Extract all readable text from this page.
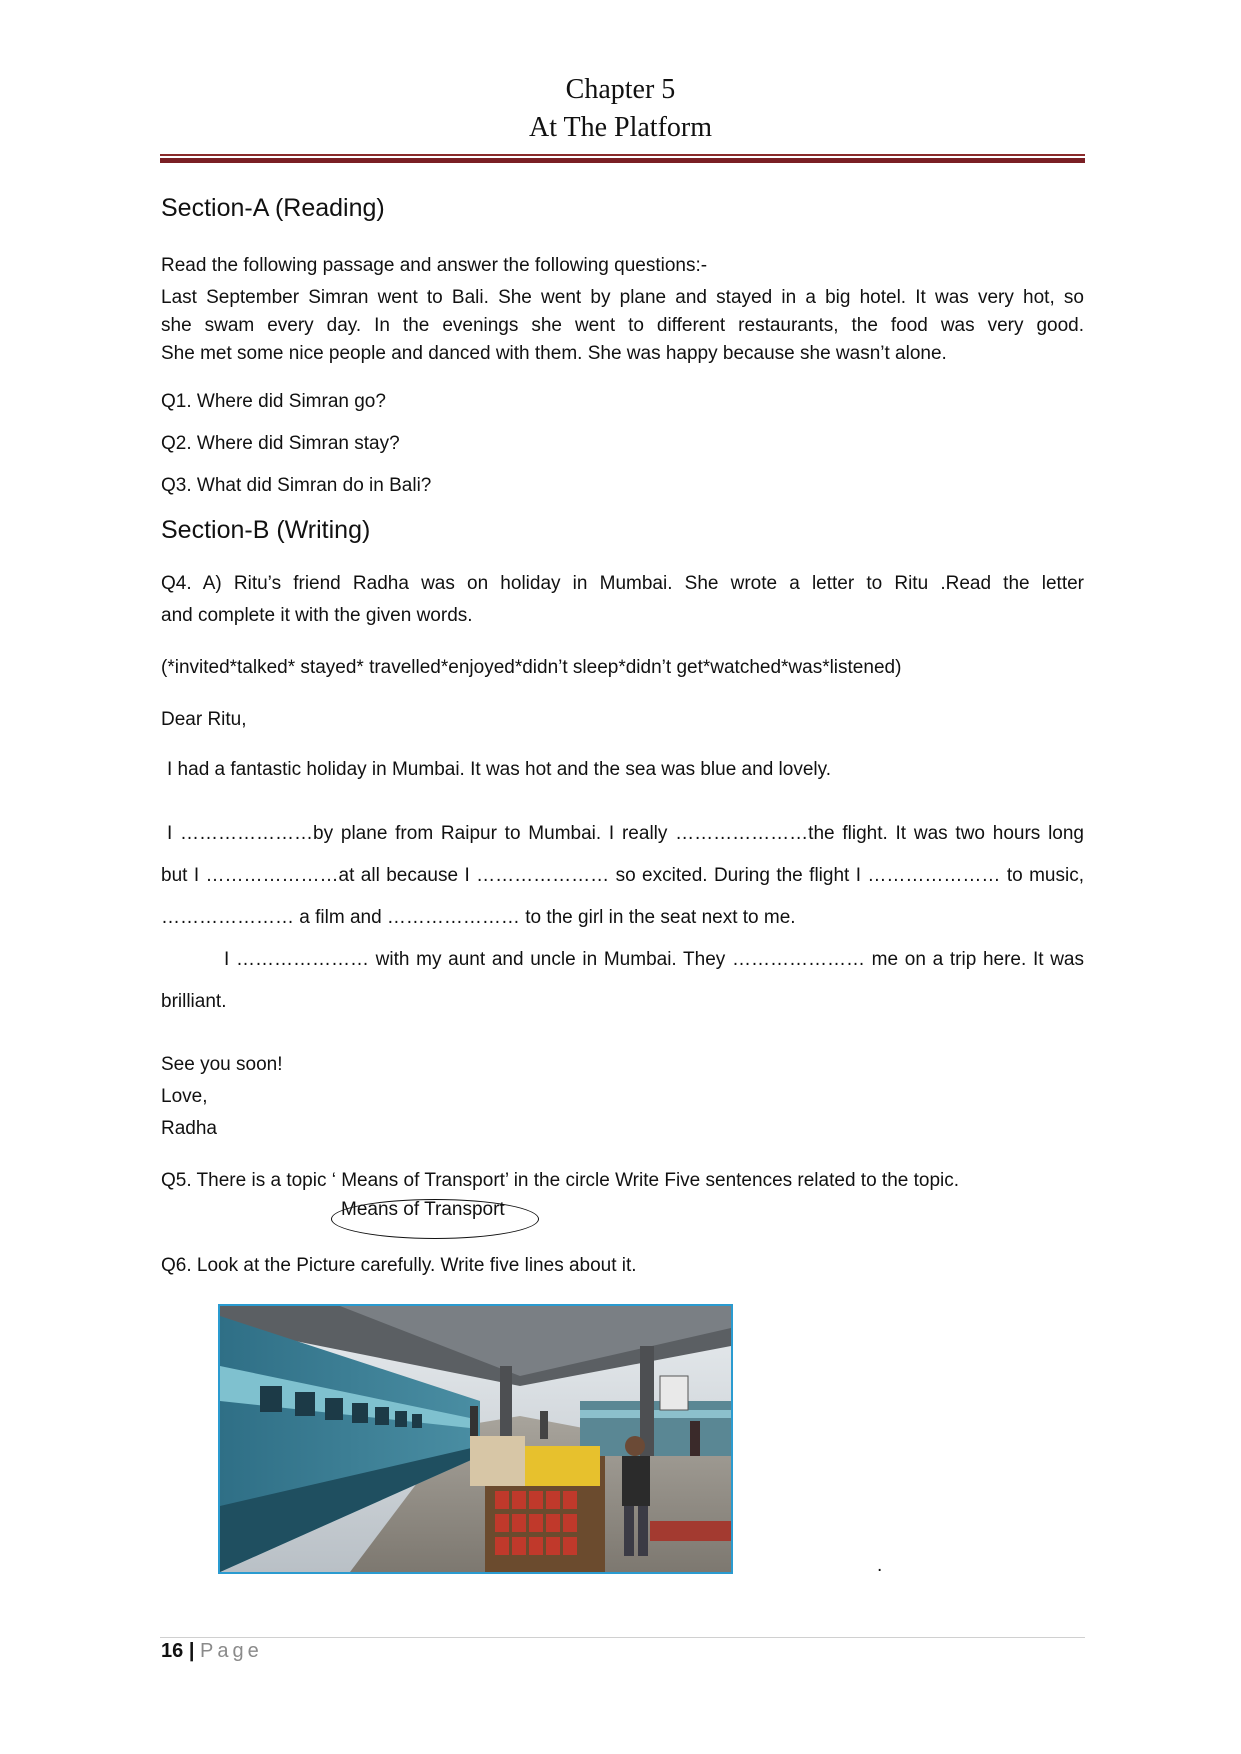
Chapter 5
At The Platform
Section-A (Reading)
Read the following passage and answer the following questions:-
Last September Simran went to Bali. She went by plane and stayed in a big hotel. It was very hot, so
she swam every day. In the evenings she went to different restaurants, the food was very good.
She met some nice people and danced with them. She was happy because she wasn’t alone.
Q1. Where did Simran go?
Q2. Where did Simran stay?
Q3. What did Simran do in Bali?
Section-B (Writing)
Q4. A) Ritu’s friend Radha was on holiday in Mumbai. She wrote a letter to Ritu .Read the letter
and complete it with the given words.
(*invited*talked* stayed* travelled*enjoyed*didn’t sleep*didn’t get*watched*was*listened)
Dear Ritu,
I had a fantastic holiday in Mumbai. It was hot and the sea was blue and lovely.
I …………………by plane from Raipur to Mumbai. I really …………………the flight. It was two hours long
but I …………………at all because I ………………… so excited. During the flight I ………………… to music,
………………… a film and ………………… to the girl in the seat next to me.
I ………………… with my aunt and uncle in Mumbai. They ………………… me on a trip here. It was
brilliant.
See you soon!
Love,
Radha
Q5. There is a topic ‘ Means of Transport’ in the circle Write Five sentences related to the topic.
Means of Transport
Q6. Look at the Picture carefully. Write five lines about it.
.
16 | Page
